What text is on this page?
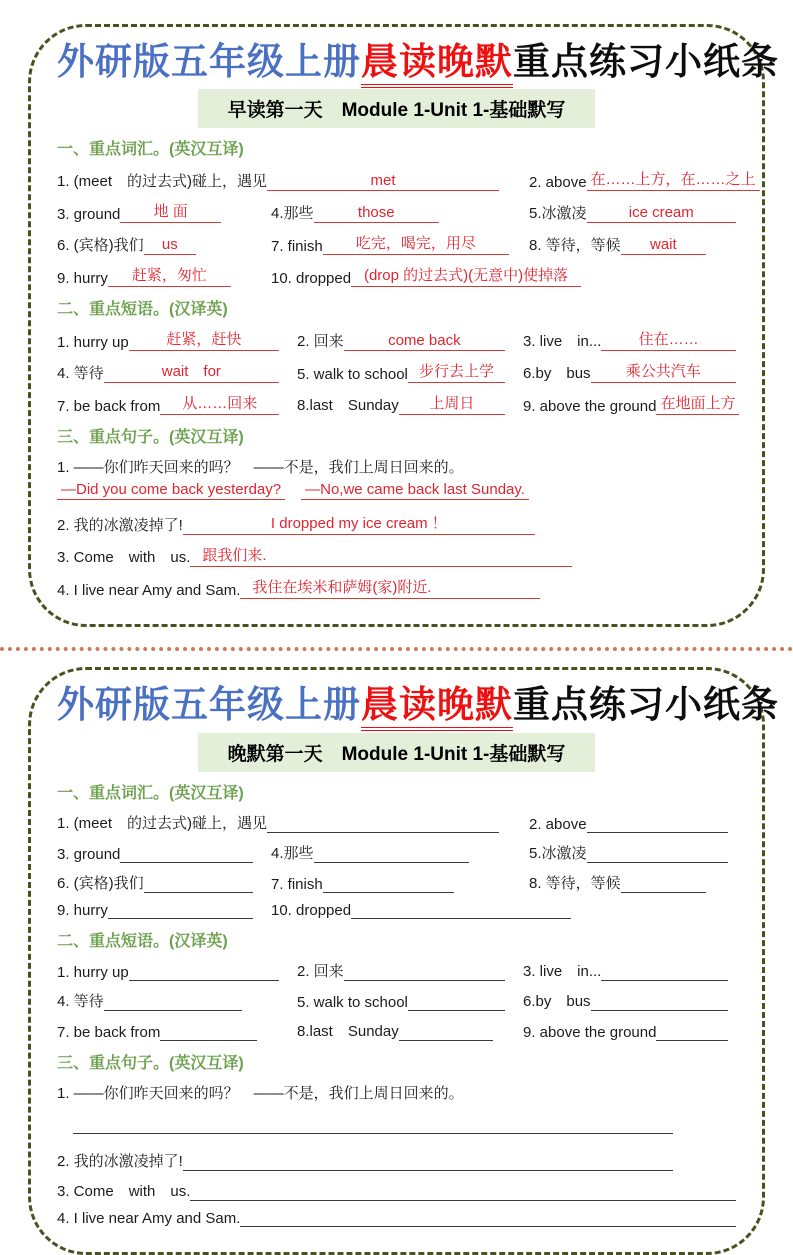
外研版五年级上册晨读晚默重点练习小纸条
早读第一天　Module 1-Unit 1-基础默写
一、重点词汇。(英汉互译)
1. (meet　的过去式)碰上，遇见	met	2. above 在……上方，在……之上
3. ground	地 面	4.那些	those	5.冰激凌	ice cream
6. (宾格)我们	us	7. finish	吃完，喝完，用尽	8. 等待，等候	wait
9. hurry	赶紧，匆忙	10. dropped (drop 的过去式)(无意中)使掉落
二、重点短语。(汉译英)
1. hurry up	赶紧，赶快	2. 回来	come back	3. live　in...	住在……
4. 等待	wait　for	5. walk to school 步行去上学	6.by　bus	乘公共汽车
7. be back from	从……回来	8.last　Sunday	上周日	9. above the ground 在地面上方
三、重点句子。(英汉互译)
1. ——你们昨天回来的吗？　——不是，我们上周日回来的。
—Did you come back yesterday? —No,we came back last Sunday.
2. 我的冰激凌掉了!	I dropped my ice cream ！
3. Come　with　us. 跟我们来.
4. I live near Amy and Sam. 我住在埃米和萨姆(家)附近.
外研版五年级上册晨读晚默重点练习小纸条
晚默第一天　Module 1-Unit 1-基础默写
一、重点词汇。(英汉互译)
1. (meet　的过去式)碰上，遇见	2. above
3. ground	4.那些	5.冰激凌
6. (宾格)我们	7. finish	8. 等待，等候
9. hurry	10. dropped
二、重点短语。(汉译英)
1. hurry up	2. 回来	3. live　in...
4. 等待	5. walk to school	6.by　bus
7. be back from	8.last　Sunday	9. above the ground
三、重点句子。(英汉互译)
1. ——你们昨天回来的吗？　——不是，我们上周日回来的。
2. 我的冰激凌掉了!
3. Come　with　us.
4. I live near Amy and Sam.
